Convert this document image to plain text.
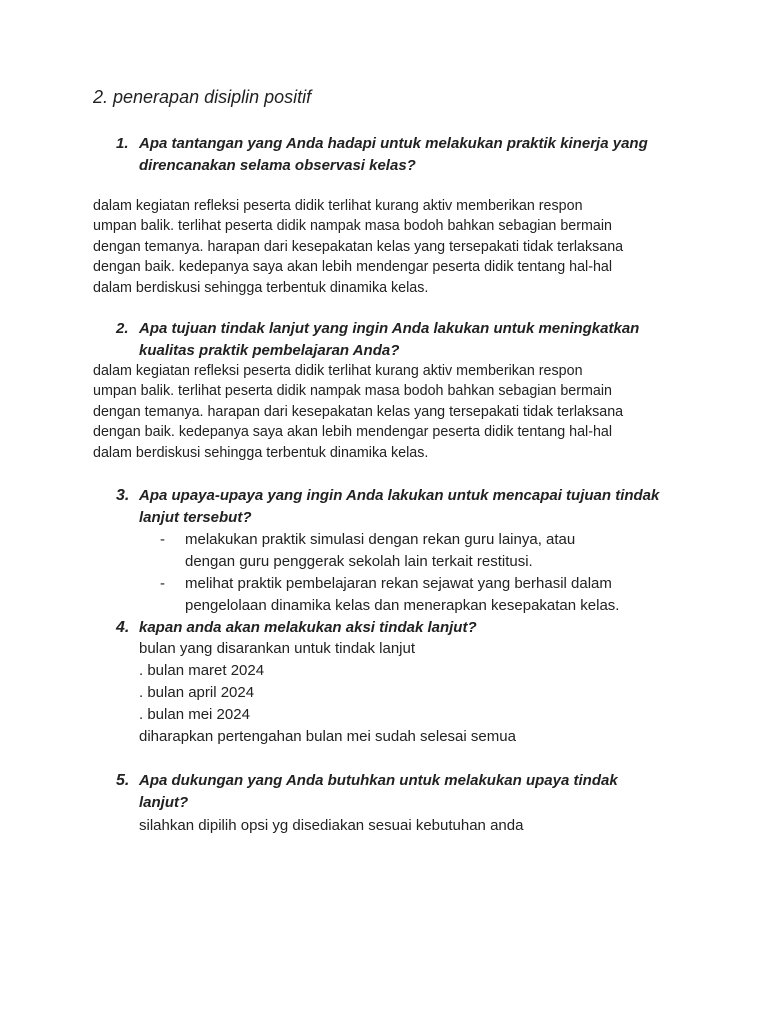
2. penerapan disiplin positif
1. Apa tantangan yang Anda hadapi untuk melakukan praktik kinerja yang
direncanakan selama observasi kelas?
dalam kegiatan refleksi peserta didik terlihat kurang aktiv memberikan respon
umpan balik. terlihat peserta didik nampak masa bodoh bahkan sebagian bermain
dengan temanya. harapan dari kesepakatan kelas yang tersepakati tidak terlaksana
dengan baik. kedepanya saya akan lebih mendengar peserta didik tentang hal-hal
dalam berdiskusi sehingga terbentuk dinamika kelas.
2. Apa tujuan tindak lanjut yang ingin Anda lakukan untuk meningkatkan
kualitas praktik pembelajaran Anda?
dalam kegiatan refleksi peserta didik terlihat kurang aktiv memberikan respon
umpan balik. terlihat peserta didik nampak masa bodoh bahkan sebagian bermain
dengan temanya. harapan dari kesepakatan kelas yang tersepakati tidak terlaksana
dengan baik. kedepanya saya akan lebih mendengar peserta didik tentang hal-hal
dalam berdiskusi sehingga terbentuk dinamika kelas.
3. Apa upaya-upaya yang ingin Anda lakukan untuk mencapai tujuan tindak
lanjut tersebut?
- melakukan praktik simulasi dengan rekan guru lainya, atau
dengan guru penggerak sekolah lain terkait restitusi.
- melihat praktik pembelajaran rekan sejawat yang berhasil dalam
pengelolaan dinamika kelas dan menerapkan kesepakatan kelas.
4. kapan anda akan melakukan aksi tindak lanjut?
bulan yang disarankan untuk tindak lanjut
. bulan maret 2024
. bulan april 2024
. bulan mei 2024
diharapkan pertengahan bulan mei sudah selesai semua
5. Apa dukungan yang Anda butuhkan untuk melakukan upaya tindak
lanjut?
silahkan dipilih opsi yg disediakan sesuai kebutuhan anda
